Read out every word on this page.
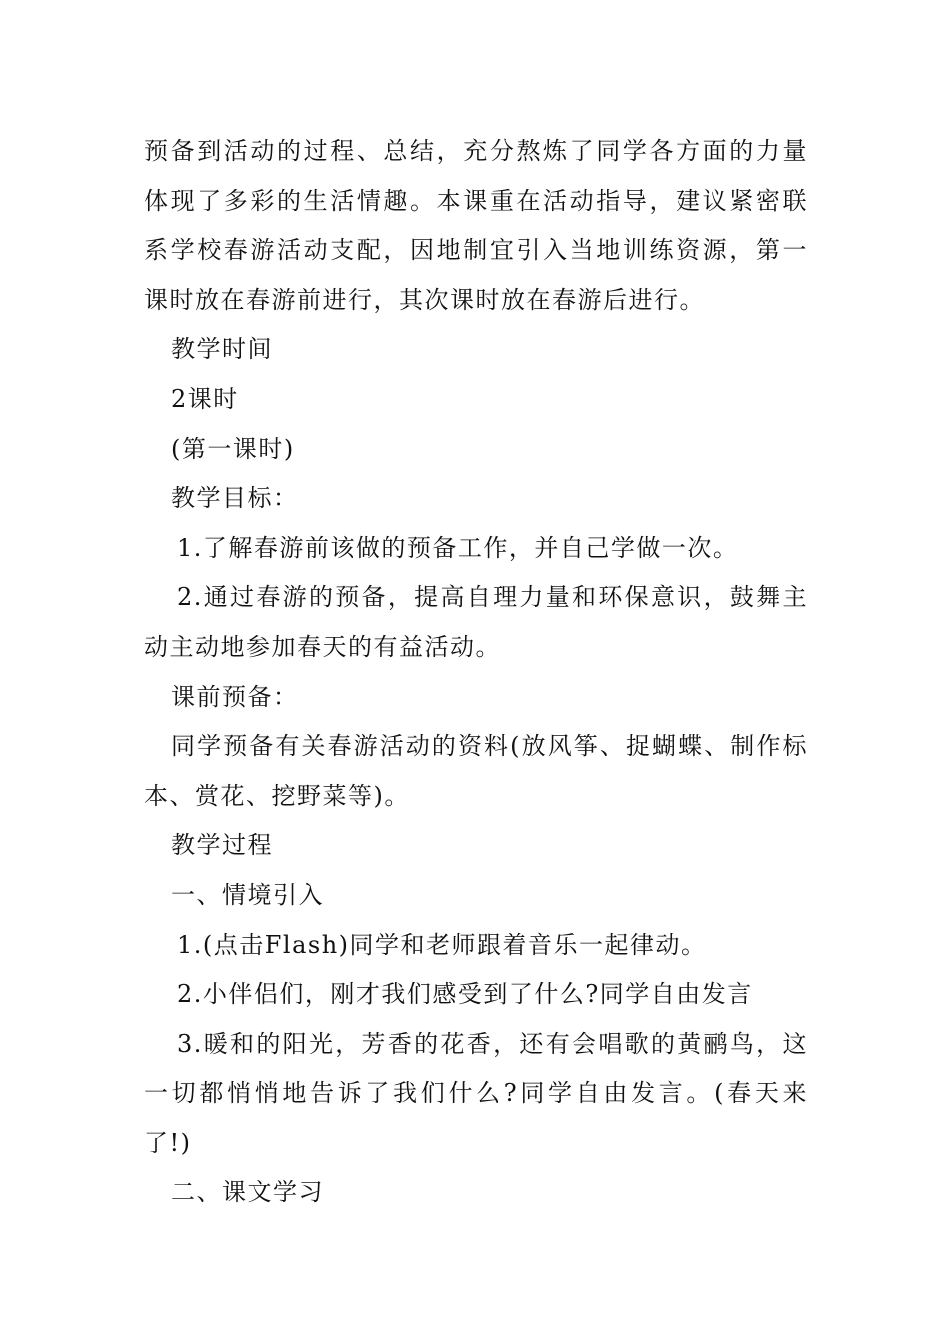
预备到活动的过程、总结，充分熬炼了同学各方面的力量

体现了多彩的生活情趣。本课重在活动指导，建议紧密联

系学校春游活动支配，因地制宜引入当地训练资源，第一

课时放在春游前进行，其次课时放在春游后进行。

教学时间

2课时

(第一课时)

教学目标：

1.了解春游前该做的预备工作，并自己学做一次。

2.通过春游的预备，提高自理力量和环保意识，鼓舞主

动主动地参加春天的有益活动。

课前预备：

同学预备有关春游活动的资料(放风筝、捉蝴蝶、制作标

本、赏花、挖野菜等)。

教学过程

一、情境引入

1.(点击Flash)同学和老师跟着音乐一起律动。

2.小伴侣们，刚才我们感受到了什么?同学自由发言

3.暖和的阳光，芳香的花香，还有会唱歌的黄鹂鸟，这

一切都悄悄地告诉了我们什么?同学自由发言。(春天来

了!)

二、课文学习
